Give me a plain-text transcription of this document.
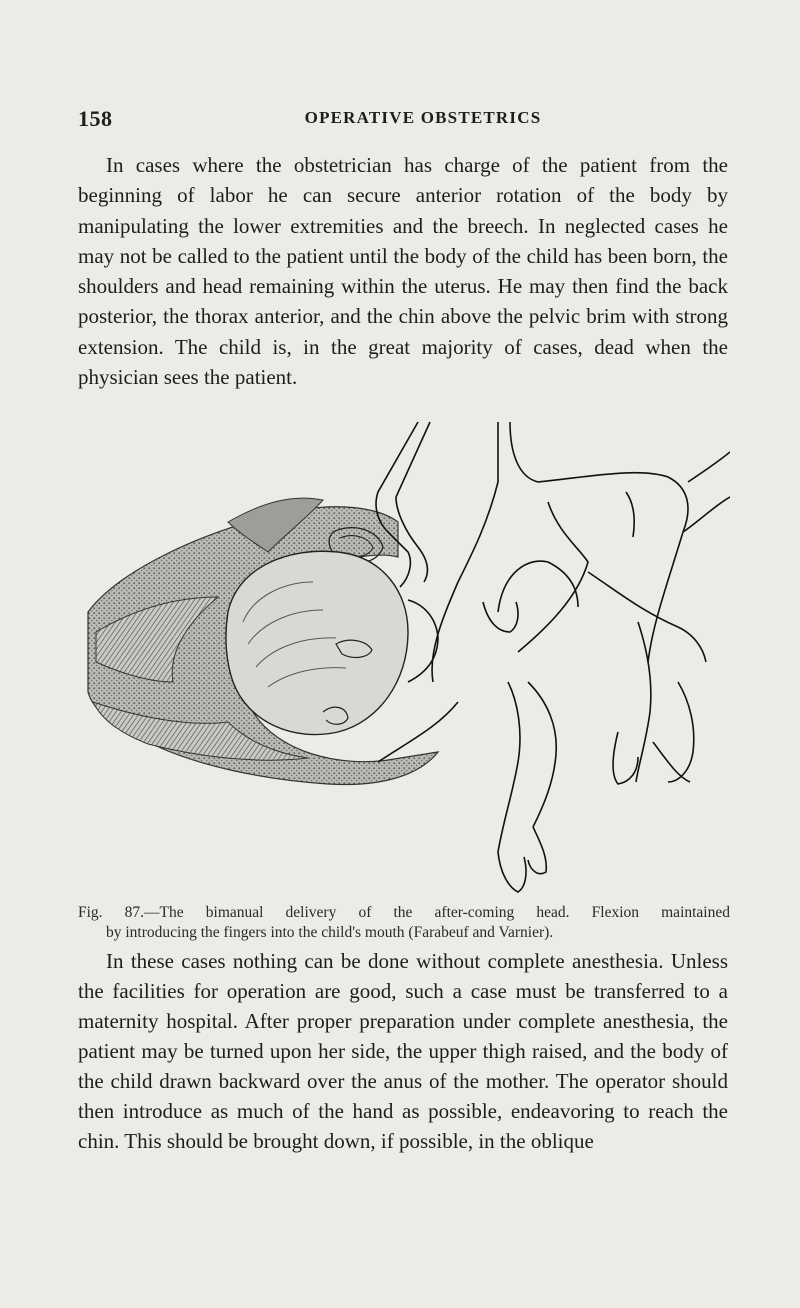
158	OPERATIVE OBSTETRICS

In cases where the obstetrician has charge of the patient from the beginning of labor he can secure anterior rotation of the body by manipulating the lower extremities and the breech. In neglected cases he may not be called to the patient until the body of the child has been born, the shoulders and head remaining within the uterus. He may then find the back posterior, the thorax anterior, and the chin above the pelvic brim with strong extension. The child is, in the great majority of cases, dead when the physician sees the patient.

Fig. 87.—The bimanual delivery of the after-coming head. Flexion maintained
by introducing the fingers into the child's mouth (Farabeuf and Varnier).

In these cases nothing can be done without complete anesthesia. Unless the facilities for operation are good, such a case must be transferred to a maternity hospital. After proper preparation under complete anesthesia, the patient may be turned upon her side, the upper thigh raised, and the body of the child drawn backward over the anus of the mother. The operator should then introduce as much of the hand as possible, endeavoring to reach the chin. This should be brought down, if possible, in the oblique
